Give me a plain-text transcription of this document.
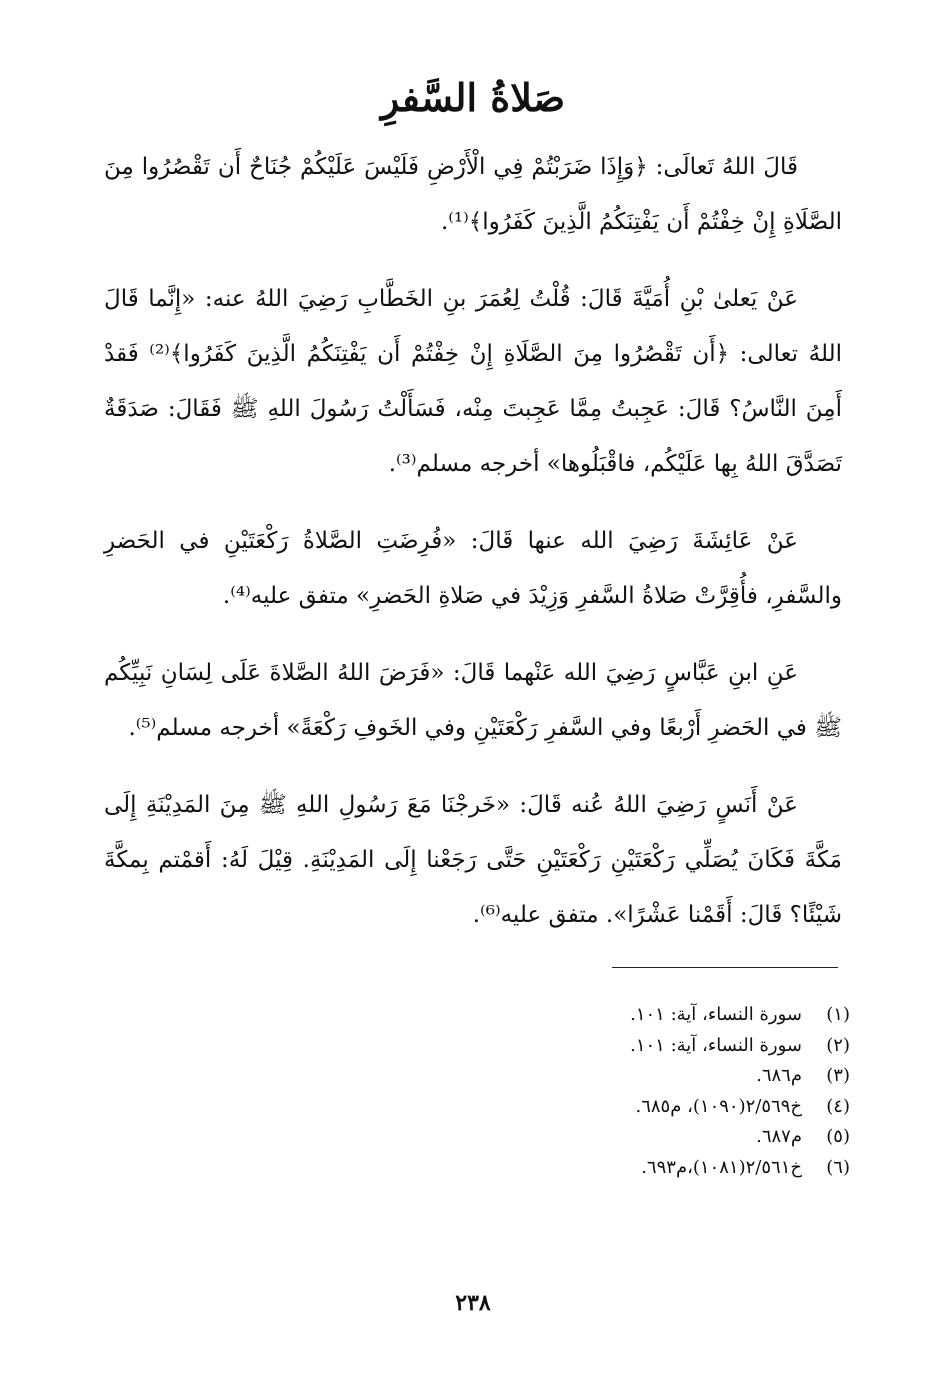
صَلاةُ السَّفرِ

قَالَ اللهُ تَعالَى: ﴿وَإِذَا ضَرَبْتُمْ فِي الْأَرْضِ فَلَيْسَ عَلَيْكُمْ جُنَاحٌ أَن تَقْصُرُوا مِنَ الصَّلَاةِ إِنْ خِفْتُمْ أَن يَفْتِنَكُمُ الَّذِينَ كَفَرُوا﴾⁽¹⁾.

عَنْ يَعلىٰ بْنِ أُمَيَّةَ قَالَ: قُلْتُ لِعُمَرَ بنِ الخَطَّابِ رَضِيَ اللهُ عنه: «إِنَّما قَالَ اللهُ تعالى: ﴿أَن تَقْصُرُوا مِنَ الصَّلَاةِ إِنْ خِفْتُمْ أَن يَفْتِنَكُمُ الَّذِينَ كَفَرُوا﴾⁽²⁾ فَقدْ أَمِنَ النَّاسُ؟ قَالَ: عَجِبتُ مِمَّا عَجِبتَ مِنْه، فَسَأَلْتُ رَسُولَ اللهِ ﷺ فَقَالَ: صَدَقَةٌ تَصَدَّقَ اللهُ بِها عَلَيْكُم، فاقْبَلُوها» أخرجه مسلم⁽³⁾.

عَنْ عَائِشَةَ رَضِيَ الله عنها قَالَ: «فُرِضَتِ الصَّلاةُ رَكْعَتَيْنِ في الحَضرِ والسَّفرِ، فأُقِرَّتْ صَلاةُ السَّفرِ وَزِيْدَ في صَلاةِ الحَضرِ» متفق عليه⁽⁴⁾.

عَنِ ابنِ عَبَّاسٍ رَضِيَ الله عَنْهما قَالَ: «فَرَضَ اللهُ الصَّلاةَ عَلَى لِسَانِ نَبِيِّكُم ﷺ في الحَضرِ أَرْبعًا وفي السَّفرِ رَكْعَتَيْنِ وفي الخَوفِ رَكْعَةً» أخرجه مسلم⁽⁵⁾.

عَنْ أَنَسٍ رَضِيَ اللهُ عُنه قَالَ: «خَرجْنَا مَعَ رَسُولِ اللهِ ﷺ مِنَ المَدِيْنَةِ إِلَى مَكَّةَ فَكَانَ يُصَلِّي رَكْعَتَيْنِ رَكْعَتَيْنِ حَتَّى رَجَعْنا إِلَى المَدِيْنَةِ. قِيْلَ لَهُ: أَقمْتم بِمكَّةَ شَيْئًا؟ قَالَ: أَقَمْنا عَشْرًا». متفق عليه⁽⁶⁾.

(١)
سورة النساء، آية: ١٠١.
(٢)
سورة النساء، آية: ١٠١.
(٣)
م٦٨٦.
(٤)
خ٢/٥٦٩(١٠٩٠)، م٦٨٥.
(٥)
م٦٨٧.
(٦)
خ٢/٥٦١(١٠٨١)،م٦٩٣.
٢٣٨
